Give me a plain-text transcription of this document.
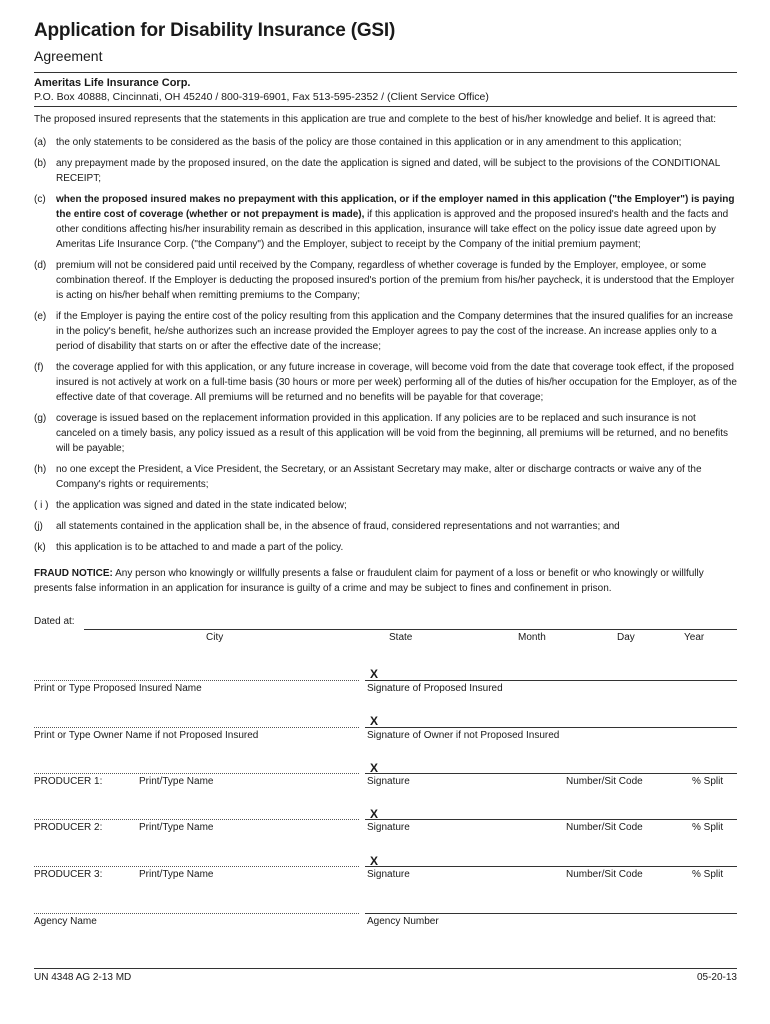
Application for Disability Insurance (GSI)
Agreement
Ameritas Life Insurance Corp.
P.O. Box 40888, Cincinnati, OH 45240 / 800-319-6901, Fax 513-595-2352 / (Client Service Office)
The proposed insured represents that the statements in this application are true and complete to the best of his/her knowledge and belief. It is agreed that:
(a) the only statements to be considered as the basis of the policy are those contained in this application or in any amendment to this application;
(b) any prepayment made by the proposed insured, on the date the application is signed and dated, will be subject to the provisions of the CONDITIONAL RECEIPT;
(c) when the proposed insured makes no prepayment with this application, or if the employer named in this application ("the Employer") is paying the entire cost of coverage (whether or not prepayment is made), if this application is approved and the proposed insured's health and the facts and other conditions affecting his/her insurability remain as described in this application, insurance will take effect on the policy issue date agreed upon by Ameritas Life Insurance Corp. ("the Company") and the Employer, subject to receipt by the Company of the initial premium payment;
(d) premium will not be considered paid until received by the Company, regardless of whether coverage is funded by the Employer, employee, or some combination thereof. If the Employer is deducting the proposed insured's portion of the premium from his/her paycheck, it is understood that the Employer is acting on his/her behalf when remitting premiums to the Company;
(e) if the Employer is paying the entire cost of the policy resulting from this application and the Company determines that the insured qualifies for an increase in the policy's benefit, he/she authorizes such an increase provided the Employer agrees to pay the cost of the increase. An increase applies only to a period of disability that starts on or after the effective date of the increase;
(f) the coverage applied for with this application, or any future increase in coverage, will become void from the date that coverage took effect, if the proposed insured is not actively at work on a full-time basis (30 hours or more per week) performing all of the duties of his/her occupation for the Employer, as of the effective date of that coverage. All premiums will be returned and no benefits will be payable for that coverage;
(g) coverage is issued based on the replacement information provided in this application. If any policies are to be replaced and such insurance is not canceled on a timely basis, any policy issued as a result of this application will be void from the beginning, all premiums will be returned, and no benefits will be payable;
(h) no one except the President, a Vice President, the Secretary, or an Assistant Secretary may make, alter or discharge contracts or waive any of the Company's rights or requirements;
( i ) the application was signed and dated in the state indicated below;
(j) all statements contained in the application shall be, in the absence of fraud, considered representations and not warranties; and
(k) this application is to be attached to and made a part of the policy.
FRAUD NOTICE: Any person who knowingly or willfully presents a false or fraudulent claim for payment of a loss or benefit or who knowingly or willfully presents false information in an application for insurance is guilty of a crime and may be subject to fines and confinement in prison.
Dated at:
City	State	Month	Day	Year
X
Print or Type Proposed Insured Name	Signature of Proposed Insured
X
Print or Type Owner Name if not Proposed Insured	Signature of Owner if not Proposed Insured
X
PRODUCER 1:	Print/Type Name	Signature	Number/Sit Code	% Split
X
PRODUCER 2:	Print/Type Name	Signature	Number/Sit Code	% Split
X
PRODUCER 3:	Print/Type Name	Signature	Number/Sit Code	% Split
Agency Name	Agency Number
UN 4348 AG 2-13 MD	05-20-13
